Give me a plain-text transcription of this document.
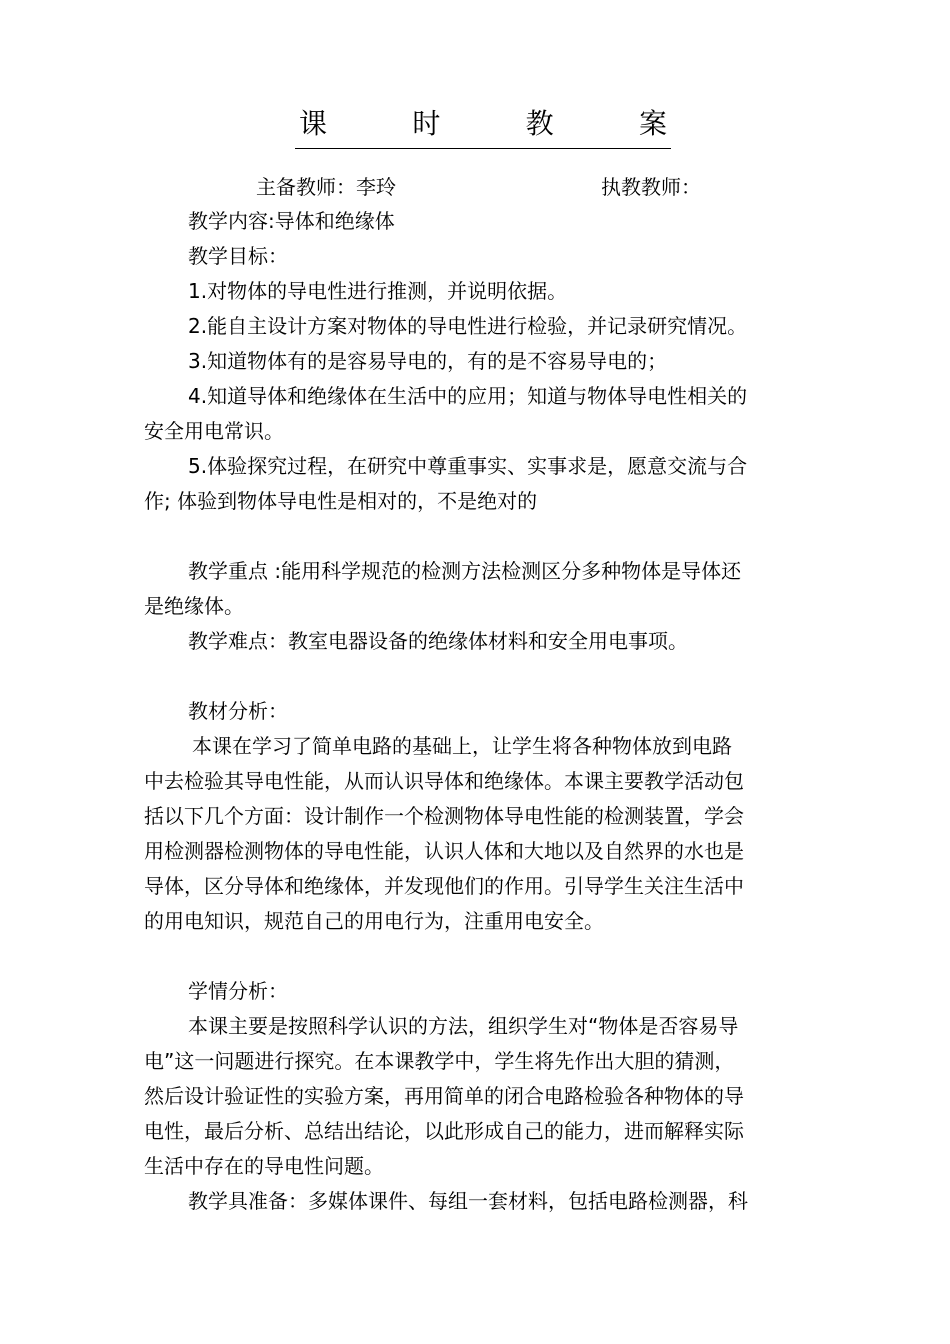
课	时	教	案
主备教师：李玲	执教教师：
教学内容:导体和绝缘体
教学目标：
1.对物体的导电性进行推测，并说明依据。
2.能自主设计方案对物体的导电性进行检验，并记录研究情况。
3.知道物体有的是容易导电的，有的是不容易导电的；
4.知道导体和绝缘体在生活中的应用；知道与物体导电性相关的
安全用电常识。
5.体验探究过程，在研究中尊重事实、实事求是，愿意交流与合
作; 体验到物体导电性是相对的，不是绝对的
教学重点 :能用科学规范的检测方法检测区分多种物体是导体还
是绝缘体。
教学难点：教室电器设备的绝缘体材料和安全用电事项。
教材分析：
本课在学习了简单电路的基础上，让学生将各种物体放到电路
中去检验其导电性能，从而认识导体和绝缘体。本课主要教学活动包
括以下几个方面：设计制作一个检测物体导电性能的检测装置，学会
用检测器检测物体的导电性能，认识人体和大地以及自然界的水也是
导体，区分导体和绝缘体，并发现他们的作用。引导学生关注生活中
的用电知识，规范自己的用电行为，注重用电安全。
学情分析：
本课主要是按照科学认识的方法，组织学生对“物体是否容易导
电”这一问题进行探究。在本课教学中，学生将先作出大胆的猜测，
然后设计验证性的实验方案，再用简单的闭合电路检验各种物体的导
电性，最后分析、总结出结论，以此形成自己的能力，进而解释实际
生活中存在的导电性问题。
教学具准备：多媒体课件、每组一套材料，包括电路检测器，科
